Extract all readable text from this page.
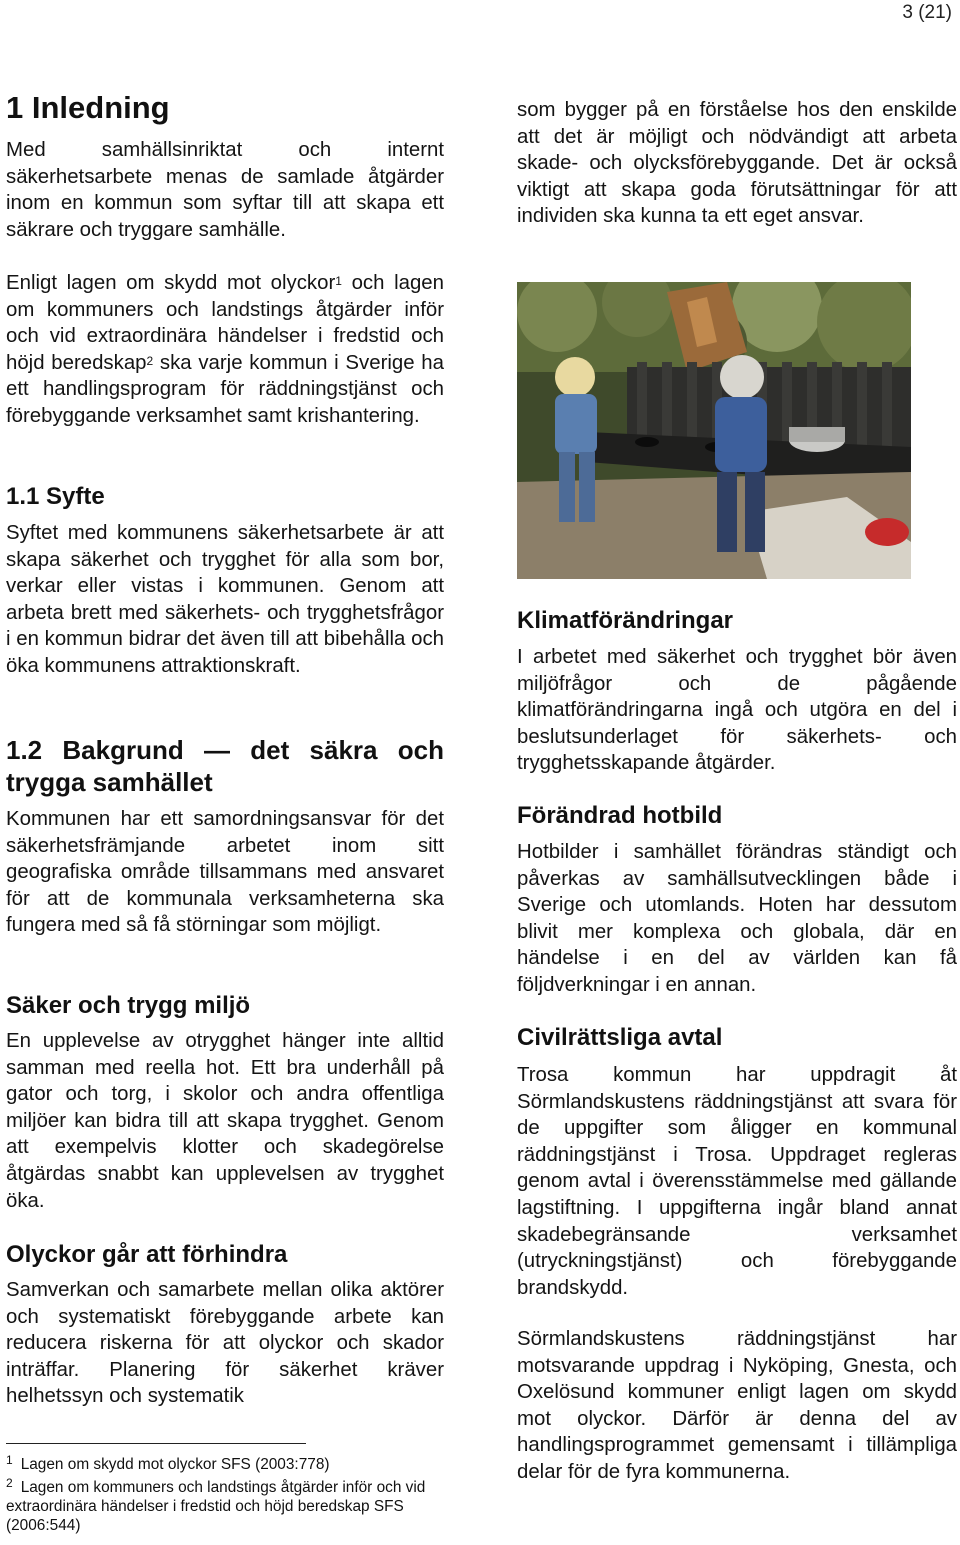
3 (21)
1 Inledning

Med samhällsinriktat och internt säkerhetsarbete menas de samlade åtgärder inom en kommun som syftar till att skapa ett säkrare och tryggare samhälle.

Enligt lagen om skydd mot olyckor$^1$ och lagen om kommuners och landstings åtgärder inför och vid extraordinära händelser i fredstid och höjd beredskap$^2$ ska varje kommun i Sverige ha ett handlingsprogram för räddningstjänst och förebyggande verksamhet samt krishantering.

1.1 Syfte

Syftet med kommunens säkerhetsarbete är att skapa säkerhet och trygghet för alla som bor, verkar eller vistas i kommunen. Genom att arbeta brett med säkerhets- och trygghetsfrågor i en kommun bidrar det även till att bibehålla och öka kommunens attraktionskraft.

1.2 Bakgrund — det säkra och trygga samhället

Kommunen har ett samordningsansvar för det säkerhetsfrämjande arbetet inom sitt geografiska område tillsammans med ansvaret för att de kommunala verksamheterna ska fungera med så få störningar som möjligt.

Säker och trygg miljö

En upplevelse av otrygghet hänger inte alltid samman med reella hot. Ett bra underhåll på gator och torg, i skolor och andra offentliga miljöer kan bidra till att skapa trygghet. Genom att exempelvis klotter och skadegörelse åtgärdas snabbt kan upplevelsen av trygghet öka.

Olyckor går att förhindra

Samverkan och samarbete mellan olika aktörer och systematiskt förebyggande arbete kan reducera riskerna för att olyckor och skador inträffar. Planering för säkerhet kräver helhetssyn och systematik

$^1$ Lagen om skydd mot olyckor SFS (2003:778)
$^2$ Lagen om kommuners och landstings åtgärder inför och vid extraordinära händelser i fredstid och höjd beredskap SFS (2006:544)

som bygger på en förståelse hos den enskilde att det är möjligt och nödvändigt att arbeta skade- och olycksförebyggande. Det är också viktigt att skapa goda förutsättningar för att individen ska kunna ta ett eget ansvar.

Klimatförändringar

I arbetet med säkerhet och trygghet bör även miljöfrågor och de pågående klimatförändringarna ingå och utgöra en del i beslutsunderlaget för säkerhets- och trygghetsskapande åtgärder.

Förändrad hotbild

Hotbilder i samhället förändras ständigt och påverkas av samhällsutvecklingen både i Sverige och utomlands. Hoten har dessutom blivit mer komplexa och globala, där en händelse i en del av världen kan få följdverkningar i en annan.

Civilrättsliga avtal

Trosa kommun har uppdragit åt Sörmlandskustens räddningstjänst att svara för de uppgifter som åligger en kommunal räddningstjänst i Trosa. Uppdraget regleras genom avtal i överensstämmelse med gällande lagstiftning. I uppgifterna ingår bland annat skadebegränsande verksamhet (utryckningstjänst) och förebyggande brandskydd.

Sörmlandskustens räddningstjänst har motsvarande uppdrag i Nyköping, Gnesta, och Oxelösund kommuner enligt lagen om skydd mot olyckor. Därför är denna del av handlingsprogrammet gemensamt i tillämpliga delar för de fyra kommunerna.
